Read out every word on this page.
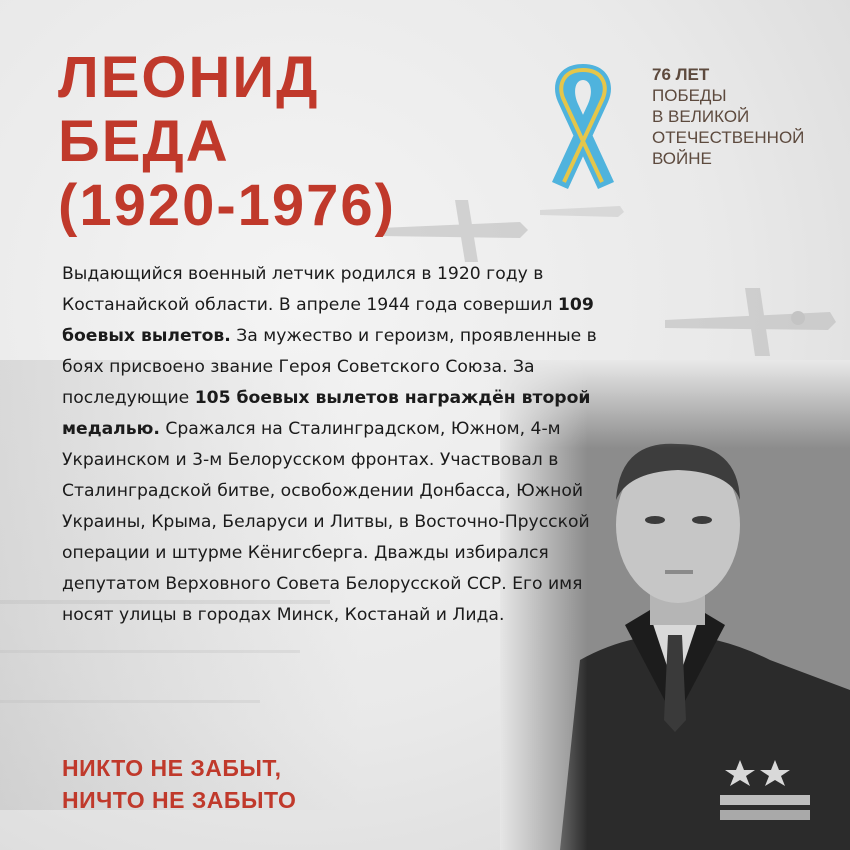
ЛЕОНИД
БЕДА
(1920-1976)
76 ЛЕТ
ПОБЕДЫ
В ВЕЛИКОЙ
ОТЕЧЕСТВЕННОЙ
ВОЙНЕ

Выдающийся военный летчик родился в 1920 году в Костанайской области. В апреле 1944 года совершил 109 боевых вылетов. За мужество и героизм, проявленные в боях присвоено звание Героя Советского Союза. За последующие 105 боевых вылетов награждён второй медалью. Сражался на Сталинградском, Южном, 4-м Украинском и 3-м Белорусском фронтах. Участвовал в Сталинградской битве, освобождении Донбасса, Южной Украины, Крыма, Беларуси и Литвы, в Восточно-Прусской операции и штурме Кёнигсберга. Дважды избирался депутатом Верховного Совета Белорусской ССР. Его имя носят улицы в городах Минск, Костанай и Лида.

НИКТО НЕ ЗАБЫТ,
НИЧТО НЕ ЗАБЫТО
